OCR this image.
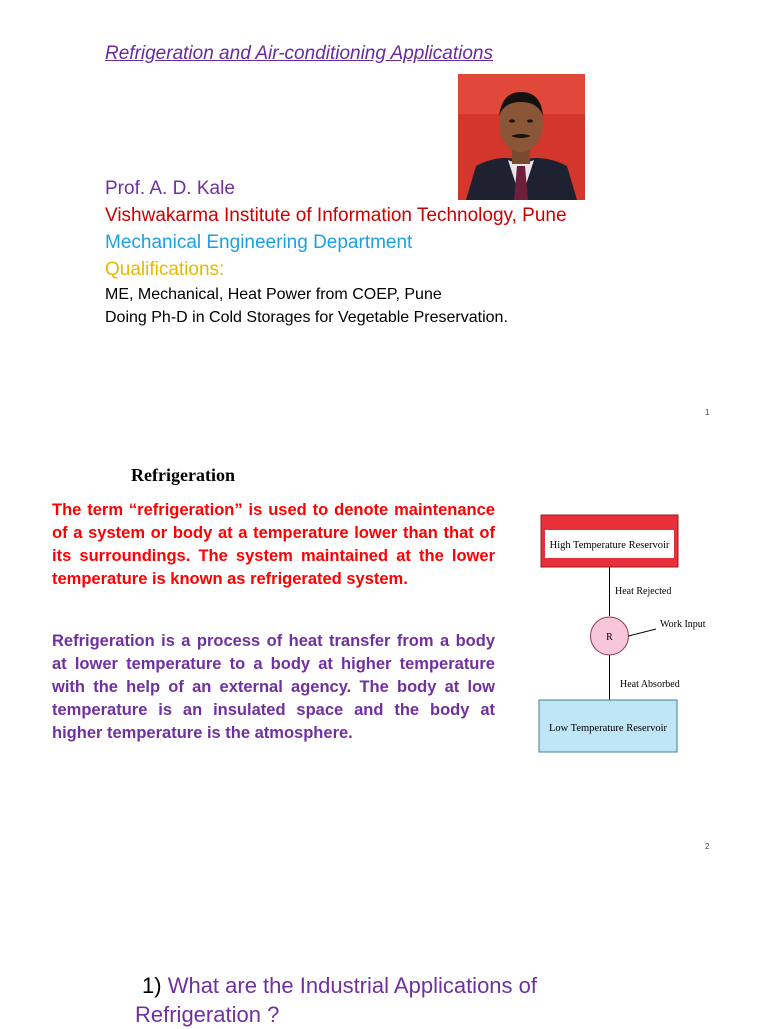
Refrigeration and Air-conditioning Applications
Prof. A. D. Kale
Vishwakarma Institute of Information Technology, Pune
Mechanical Engineering Department
Qualifications:
ME, Mechanical, Heat Power from COEP, Pune
Doing Ph-D in Cold Storages for Vegetable Preservation.
1
Refrigeration
The term “refrigeration” is used to denote maintenance of a system or body at a temperature lower than that of its surroundings. The system maintained at the lower temperature is known as refrigerated system.
Refrigeration is a process of heat transfer from a body at lower temperature to a body at higher temperature with the help of an external agency. The body at low temperature is an insulated space and the body at higher temperature is the atmosphere.
High Temperature Reservoir
Heat Rejected
R
Work Input
Heat Absorbed
Low Temperature Reservoir
2
1) What are the Industrial Applications of Refrigeration ?
